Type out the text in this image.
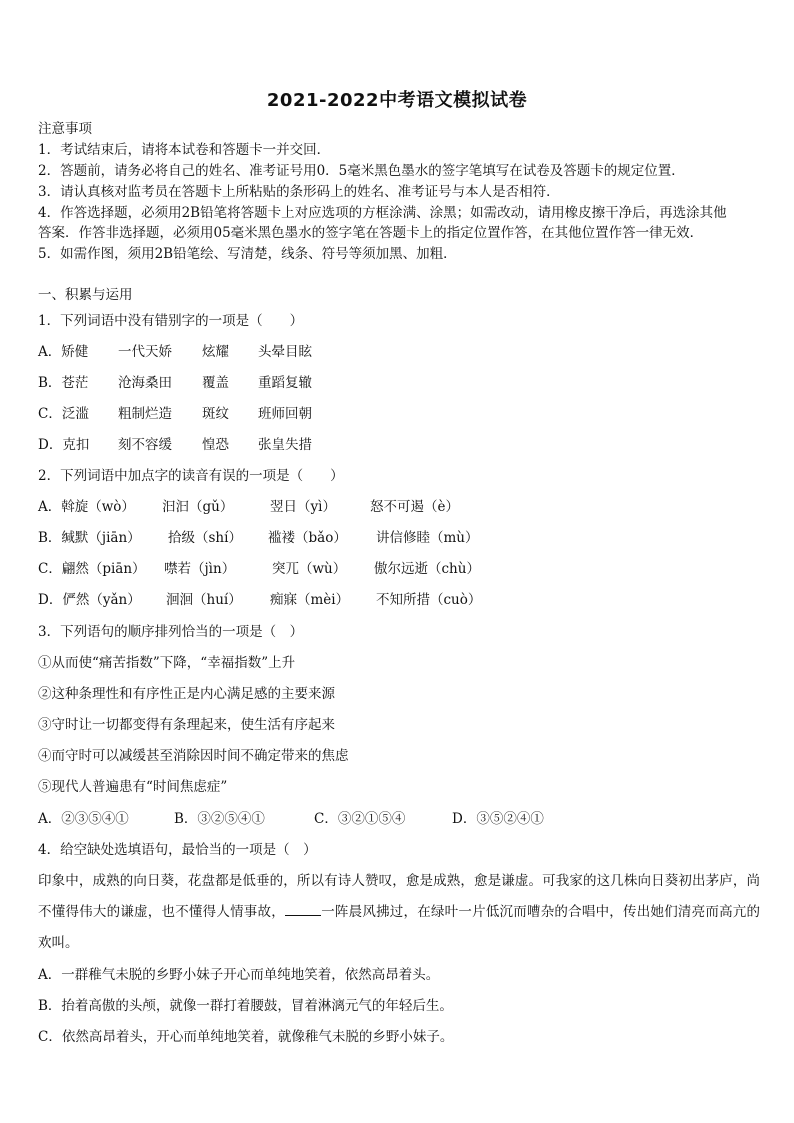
2021-2022中考语文模拟试卷
注意事项
1．考试结束后，请将本试卷和答题卡一并交回．
2．答题前，请务必将自己的姓名、准考证号用0．5毫米黑色墨水的签字笔填写在试卷及答题卡的规定位置．
3．请认真核对监考员在答题卡上所粘贴的条形码上的姓名、准考证号与本人是否相符．
4．作答选择题，必须用2B铅笔将答题卡上对应选项的方框涂满、涂黑；如需改动，请用橡皮擦干净后，再选涂其他
答案．作答非选择题，必须用05毫米黑色墨水的签字笔在答题卡上的指定位置作答，在其他位置作答一律无效．
5．如需作图，须用2B铅笔绘、写清楚，线条、符号等须加黑、加粗．
一、积累与运用
1．下列词语中没有错别字的一项是（　　）
A．矫健 一代天娇 炫耀 头晕目眩
B．苍茫 沧海桑田 覆盖 重蹈复辙
C．泛滥 粗制烂造 斑纹 班师回朝
D．克扣 刻不容缓 惶恐 张皇失措
2．下列词语中加点字的读音有误的一项是（　　）
A．斡旋（wò） 汩汩（gǔ）	翌日（yì）	怒不可遏（è）
B．缄默（jiān） 拾级（shí） 褴褛（bǎo） 讲信修睦（mù）
C．翩然（piān） 噤若（jìn）	突兀（wù） 傲尔远逝（chù）
D．俨然（yǎn） 洄洄（huí） 痴寐（mèi） 不知所措（cuò）
3．下列语句的顺序排列恰当的一项是（　）
①从而使“痛苦指数”下降，“幸福指数”上升
②这种条理性和有序性正是内心满足感的主要来源
③守时让一切都变得有条理起来，使生活有序起来
④而守时可以减缓甚至消除因时间不确定带来的焦虑
⑤现代人普遍患有“时间焦虑症”
A．②③⑤④①	B．③②⑤④①	C．③②①⑤④	D．③⑤②④①
4．给空缺处选填语句，最恰当的一项是（　）
印象中，成熟的向日葵，花盘都是低垂的，所以有诗人赞叹，愈是成熟，愈是谦虚。可我家的这几株向日葵初出茅庐，尚不懂得伟大的谦虚，也不懂得人情事故，	一阵晨风拂过，在绿叶一片低沉而嘈杂的合唱中，传出她们清亮而高亢的欢叫。
A．一群稚气未脱的乡野小妹子开心而单纯地笑着，依然高昂着头。
B．抬着高傲的头颅，就像一群打着腰鼓，冒着淋漓元气的年轻后生。
C．依然高昂着头，开心而单纯地笑着，就像稚气未脱的乡野小妹子。
